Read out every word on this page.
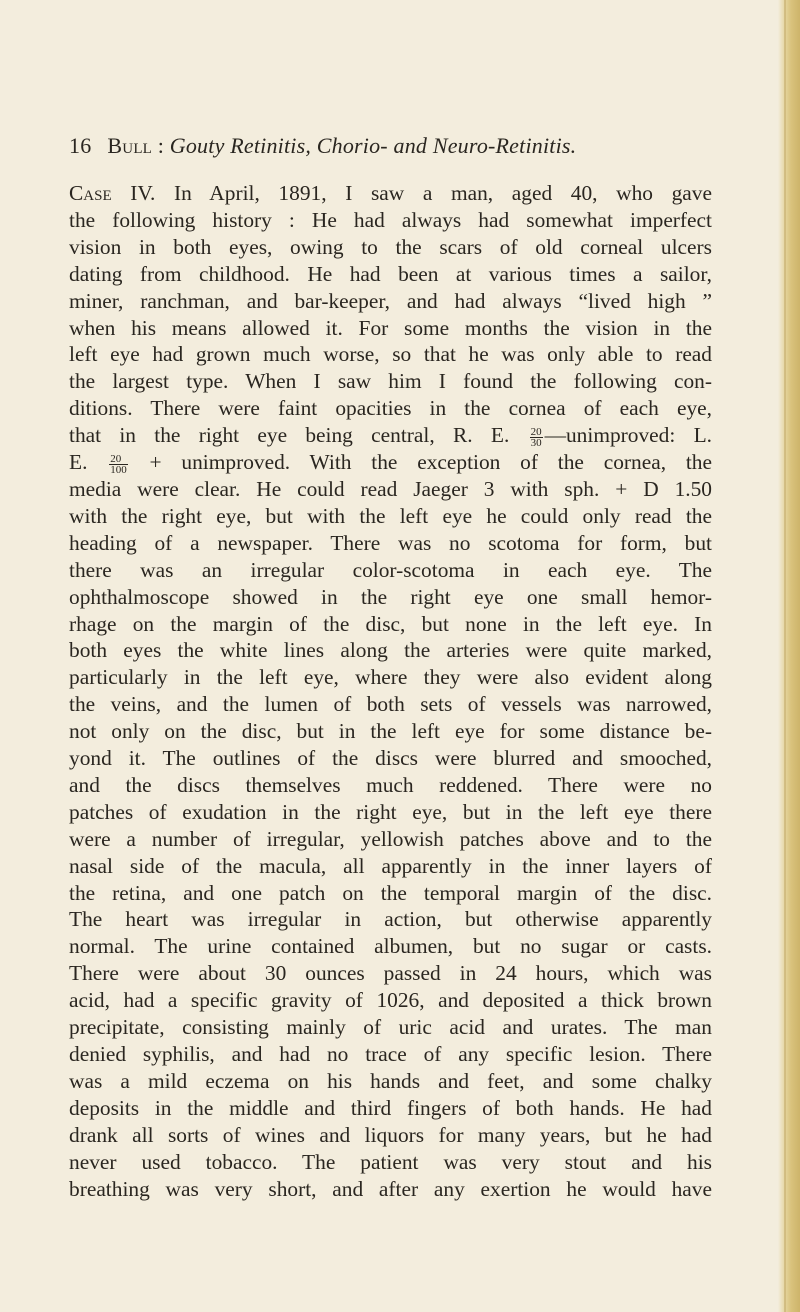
16 Bull : Gouty Retinitis, Chorio- and Neuro-Retinitis.
Case IV. In April, 1891, I saw a man, aged 40, who gave
the following history : He had always had somewhat imperfect
vision in both eyes, owing to the scars of old corneal ulcers
dating from childhood. He had been at various times a sailor,
miner, ranchman, and bar-keeper, and had always “lived high ”
when his means allowed it. For some months the vision in the
left eye had grown much worse, so that he was only able to read
the largest type. When I saw him I found the following con-
ditions. There were faint opacities in the cornea of each eye,
that in the right eye being central, R. E. $\frac{20}{30}$ —unimproved: L.
E. $\frac{20}{100}$ + unimproved. With the exception of the cornea, the
media were clear. He could read Jaeger 3 with sph. + D 1.50
with the right eye, but with the left eye he could only read the
heading of a newspaper. There was no scotoma for form, but
there was an irregular color-scotoma in each eye. The
ophthalmoscope showed in the right eye one small hemor-
rhage on the margin of the disc, but none in the left eye. In
both eyes the white lines along the arteries were quite marked,
particularly in the left eye, where they were also evident along
the veins, and the lumen of both sets of vessels was narrowed,
not only on the disc, but in the left eye for some distance be-
yond it. The outlines of the discs were blurred and smooched,
and the discs themselves much reddened. There were no
patches of exudation in the right eye, but in the left eye there
were a number of irregular, yellowish patches above and to the
nasal side of the macula, all apparently in the inner layers of
the retina, and one patch on the temporal margin of the disc.
The heart was irregular in action, but otherwise apparently
normal. The urine contained albumen, but no sugar or casts.
There were about 30 ounces passed in 24 hours, which was
acid, had a specific gravity of 1026, and deposited a thick brown
precipitate, consisting mainly of uric acid and urates. The man
denied syphilis, and had no trace of any specific lesion. There
was a mild eczema on his hands and feet, and some chalky
deposits in the middle and third fingers of both hands. He had
drank all sorts of wines and liquors for many years, but he had
never used tobacco. The patient was very stout and his
breathing was very short, and after any exertion he would have
